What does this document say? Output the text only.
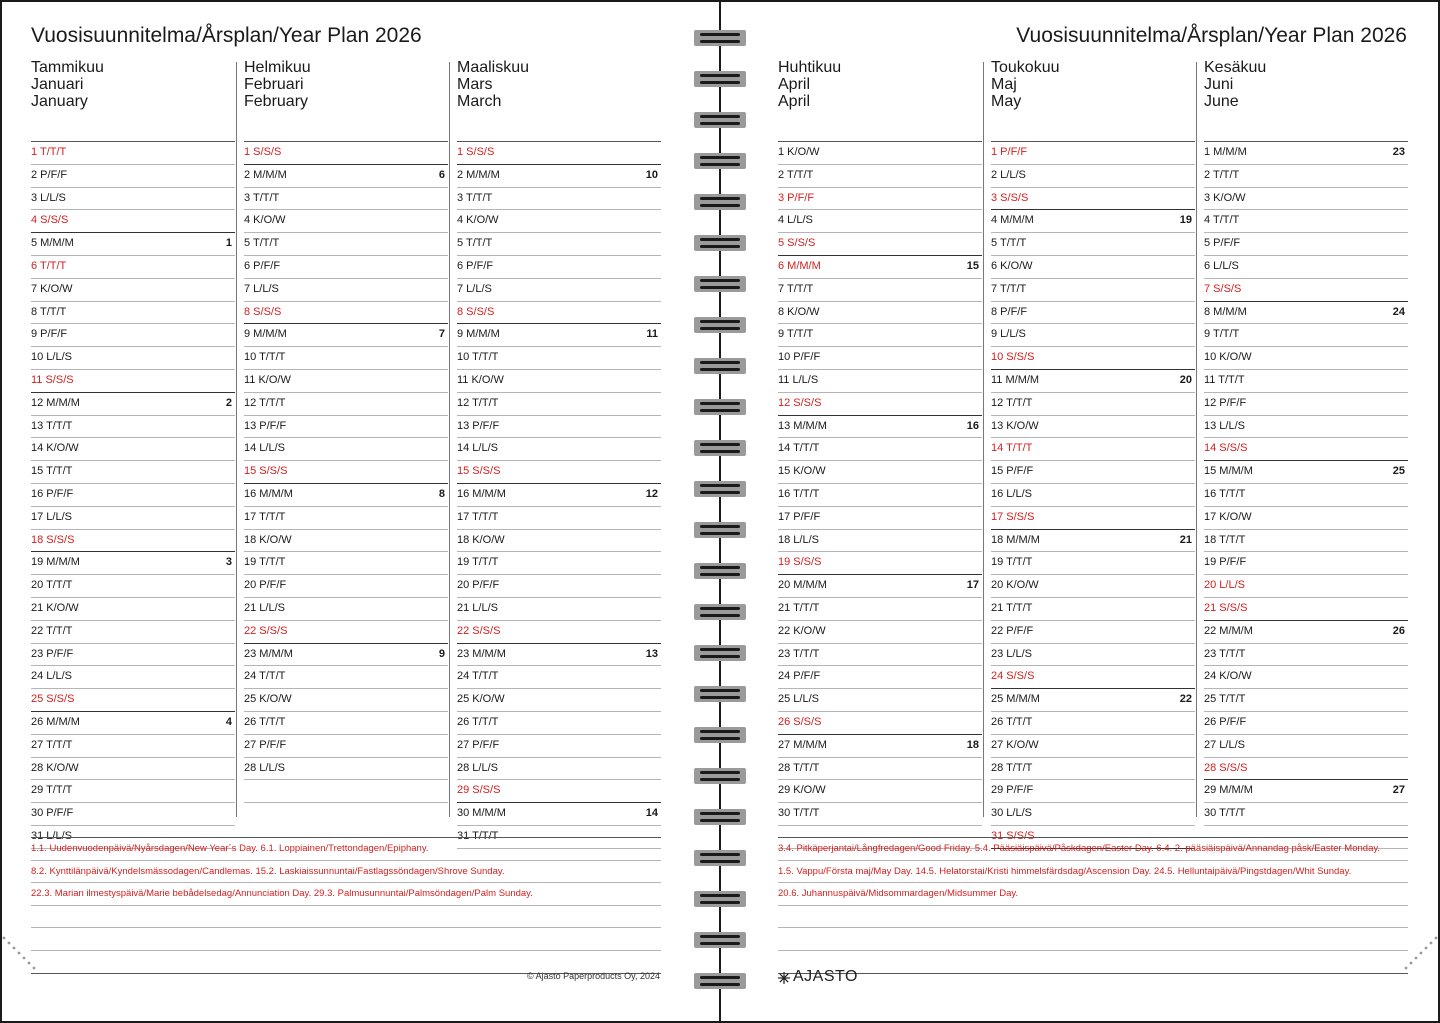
Vuosisuunnitelma/Årsplan/Year Plan 2026	Vuosisuunnitelma/Årsplan/Year Plan 2026
Tammikuu
Januari
January
1 T/T/T
2 P/F/F
3 L/L/S
4 S/S/S
5 M/M/M	1
6 T/T/T
7 K/O/W
8 T/T/T
9 P/F/F
10 L/L/S
11 S/S/S
12 M/M/M	2
13 T/T/T
14 K/O/W
15 T/T/T
16 P/F/F
17 L/L/S
18 S/S/S
19 M/M/M	3
20 T/T/T
21 K/O/W
22 T/T/T
23 P/F/F
24 L/L/S
25 S/S/S
26 M/M/M	4
27 T/T/T
28 K/O/W
29 T/T/T
30 P/F/F
31 L/L/S
Helmikuu
Februari
February
1 S/S/S
2 M/M/M	6
3 T/T/T
4 K/O/W
5 T/T/T
6 P/F/F
7 L/L/S
8 S/S/S
9 M/M/M	7
10 T/T/T
11 K/O/W
12 T/T/T
13 P/F/F
14 L/L/S
15 S/S/S
16 M/M/M	8
17 T/T/T
18 K/O/W
19 T/T/T
20 P/F/F
21 L/L/S
22 S/S/S
23 M/M/M	9
24 T/T/T
25 K/O/W
26 T/T/T
27 P/F/F
28 L/L/S
Maaliskuu
Mars
March
1 S/S/S
2 M/M/M	10
3 T/T/T
4 K/O/W
5 T/T/T
6 P/F/F
7 L/L/S
8 S/S/S
9 M/M/M	11
10 T/T/T
11 K/O/W
12 T/T/T
13 P/F/F
14 L/L/S
15 S/S/S
16 M/M/M	12
17 T/T/T
18 K/O/W
19 T/T/T
20 P/F/F
21 L/L/S
22 S/S/S
23 M/M/M	13
24 T/T/T
25 K/O/W
26 T/T/T
27 P/F/F
28 L/L/S
29 S/S/S
30 M/M/M	14
31 T/T/T
Huhtikuu
April
April
1 K/O/W
2 T/T/T
3 P/F/F
4 L/L/S
5 S/S/S
6 M/M/M	15
7 T/T/T
8 K/O/W
9 T/T/T
10 P/F/F
11 L/L/S
12 S/S/S
13 M/M/M	16
14 T/T/T
15 K/O/W
16 T/T/T
17 P/F/F
18 L/L/S
19 S/S/S
20 M/M/M	17
21 T/T/T
22 K/O/W
23 T/T/T
24 P/F/F
25 L/L/S
26 S/S/S
27 M/M/M	18
28 T/T/T
29 K/O/W
30 T/T/T
Toukokuu
Maj
May
1 P/F/F
2 L/L/S
3 S/S/S
4 M/M/M	19
5 T/T/T
6 K/O/W
7 T/T/T
8 P/F/F
9 L/L/S
10 S/S/S
11 M/M/M	20
12 T/T/T
13 K/O/W
14 T/T/T
15 P/F/F
16 L/L/S
17 S/S/S
18 M/M/M	21
19 T/T/T
20 K/O/W
21 T/T/T
22 P/F/F
23 L/L/S
24 S/S/S
25 M/M/M	22
26 T/T/T
27 K/O/W
28 T/T/T
29 P/F/F
30 L/L/S
31 S/S/S
Kesäkuu
Juni
June
1 M/M/M	23
2 T/T/T
3 K/O/W
4 T/T/T
5 P/F/F
6 L/L/S
7 S/S/S
8 M/M/M	24
9 T/T/T
10 K/O/W
11 T/T/T
12 P/F/F
13 L/L/S
14 S/S/S
15 M/M/M	25
16 T/T/T
17 K/O/W
18 T/T/T
19 P/F/F
20 L/L/S
21 S/S/S
22 M/M/M	26
23 T/T/T
24 K/O/W
25 T/T/T
26 P/F/F
27 L/L/S
28 S/S/S
29 M/M/M	27
30 T/T/T
1.1. Uudenvuodenpäivä/Nyårsdagen/New Year´s Day. 6.1. Loppiainen/Trettondagen/Epiphany.
8.2. Kynttilänpäivä/Kyndelsmässodagen/Candlemas. 15.2. Laskiaissunnuntai/Fastlagssöndagen/Shrove Sunday.
22.3. Marian ilmestyspäivä/Marie bebådelsedag/Annunciation Day. 29.3. Palmusunnuntai/Palmsöndagen/Palm Sunday.
3.4. Pitkäperjantai/Långfredagen/Good Friday. 5.4. Pääsiäispäivä/Påskdagen/Easter Day. 6.4. 2. pääsiäispäivä/Annandag påsk/Easter Monday.
1.5. Vappu/Första maj/May Day. 14.5. Helatorstai/Kristi himmelsfärdsdag/Ascension Day. 24.5. Helluntaipäivä/Pingstdagen/Whit Sunday.
20.6. Juhannuspäivä/Midsommardagen/Midsummer Day.
© Ajasto Paperproducts Oy, 2024	AJASTO
